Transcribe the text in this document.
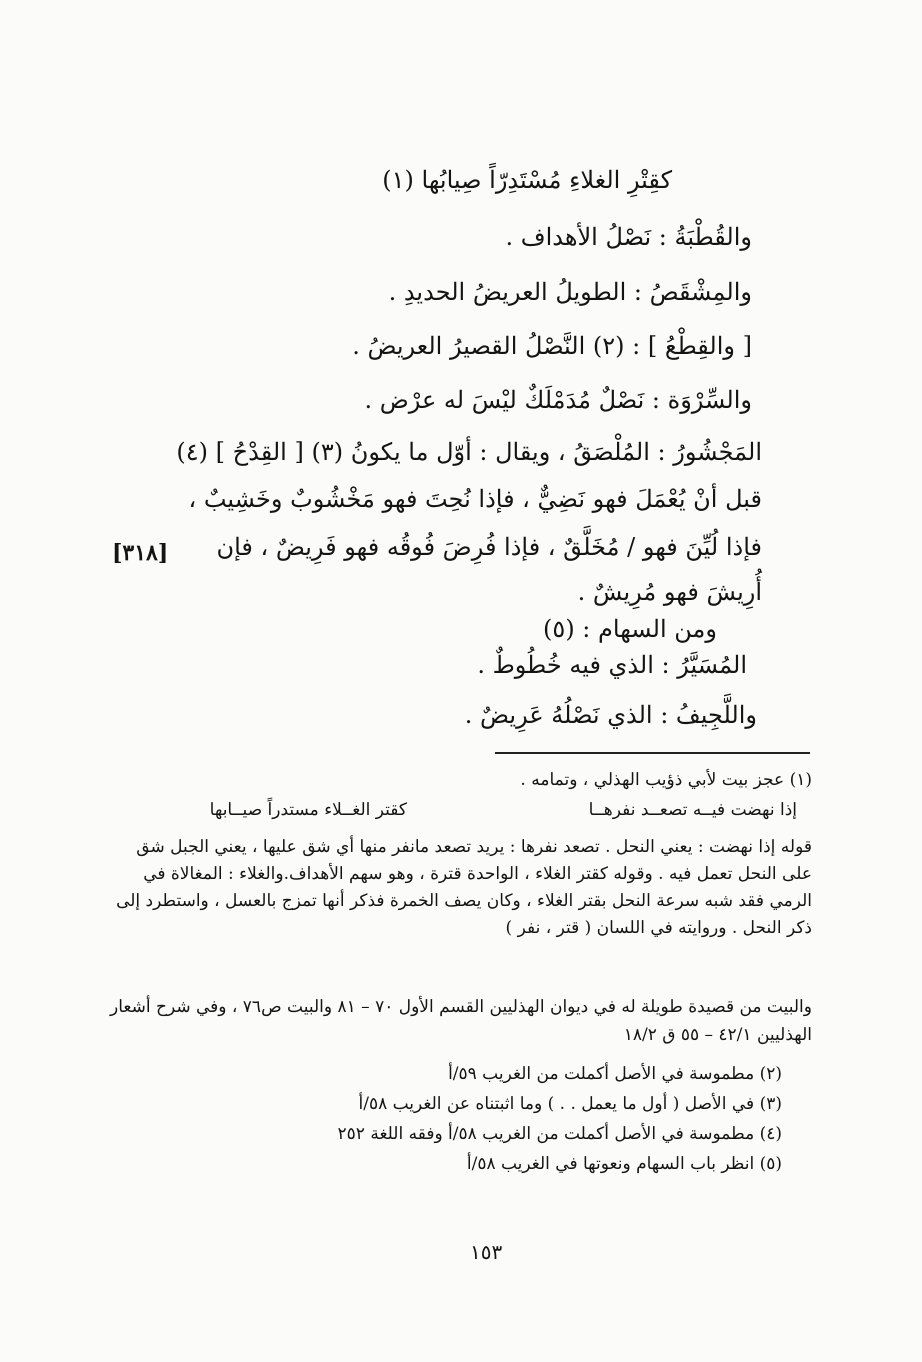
كقِتْرِ الغلاءِ مُسْتَدِرّاً صِيابُها (١)
والقُطْبَةُ : نَصْلُ الأهداف .
والمِشْقَصُ : الطويلُ العريضُ الحديدِ .
[ والقِطْعُ ] : (٢) النَّصْلُ القصيرُ العريضُ .
والسِّرْوَة : نَصْلٌ مُدَمْلَكٌ ليْسَ له عرْض .
المَجْشُورُ : المُلْصَقُ ، ويقال : أوّل ما يكونُ (٣) [ القِدْحُ ] (٤)
قبل أنْ يُعْمَلَ فهو نَضِيٌّ ، فإذا نُحِتَ فهو مَخْشُوبٌ وخَشِيبٌ ،
فإذا لُيِّنَ فهو / مُخَلَّقٌ ، فإذا فُرِضَ فُوقُه فهو فَرِيضٌ ، فإن
أُرِيشَ فهو مُرِيشٌ .
ومن السهام : (٥)
المُسَيَّرُ : الذي فيه خُطُوطٌ .
واللَّجِيفُ : الذي نَصْلُهُ عَرِيضٌ .
[٣١٨]
(١) عجز بيت لأبي ذؤيب الهذلي ، وتمامه .
إذا نهضت فيــه تصعــد نفرهــا
كقتر الغــلاء مستدراً صيــابها
قوله إذا نهضت : يعني النحل . تصعد نفرها : يريد تصعد مانفر منها أي شق عليها ، يعني الجبل شق على النحل تعمل فيه . وقوله كقتر الغلاء ، الواحدة قترة ، وهو سهم الأهداف.والغلاء : المغالاة في الرمي فقد شبه سرعة النحل بقتر الغلاء ، وكان يصف الخمرة فذكر أنها تمزج بالعسل ، واستطرد إلى ذكر النحل . وروايته في اللسان ( قتر ، نفر )
والبيت من قصيدة طويلة له في ديوان الهذليين القسم الأول ٧٠ – ٨١ والبيت ص٧٦ ، وفي شرح أشعار الهذليين ٤٢/١ – ٥٥ ق ١٨/٢
(٢) مطموسة في الأصل أكملت من الغريب ٥٩/أ
(٣) في الأصل ( أول ما يعمل . . ) وما اثبتناه عن الغريب ٥٨/أ
(٤) مطموسة في الأصل أكملت من الغريب ٥٨/أ وفقه اللغة ٢٥٢
(٥) انظر باب السهام ونعوتها في الغريب ٥٨/أ
١٥٣
